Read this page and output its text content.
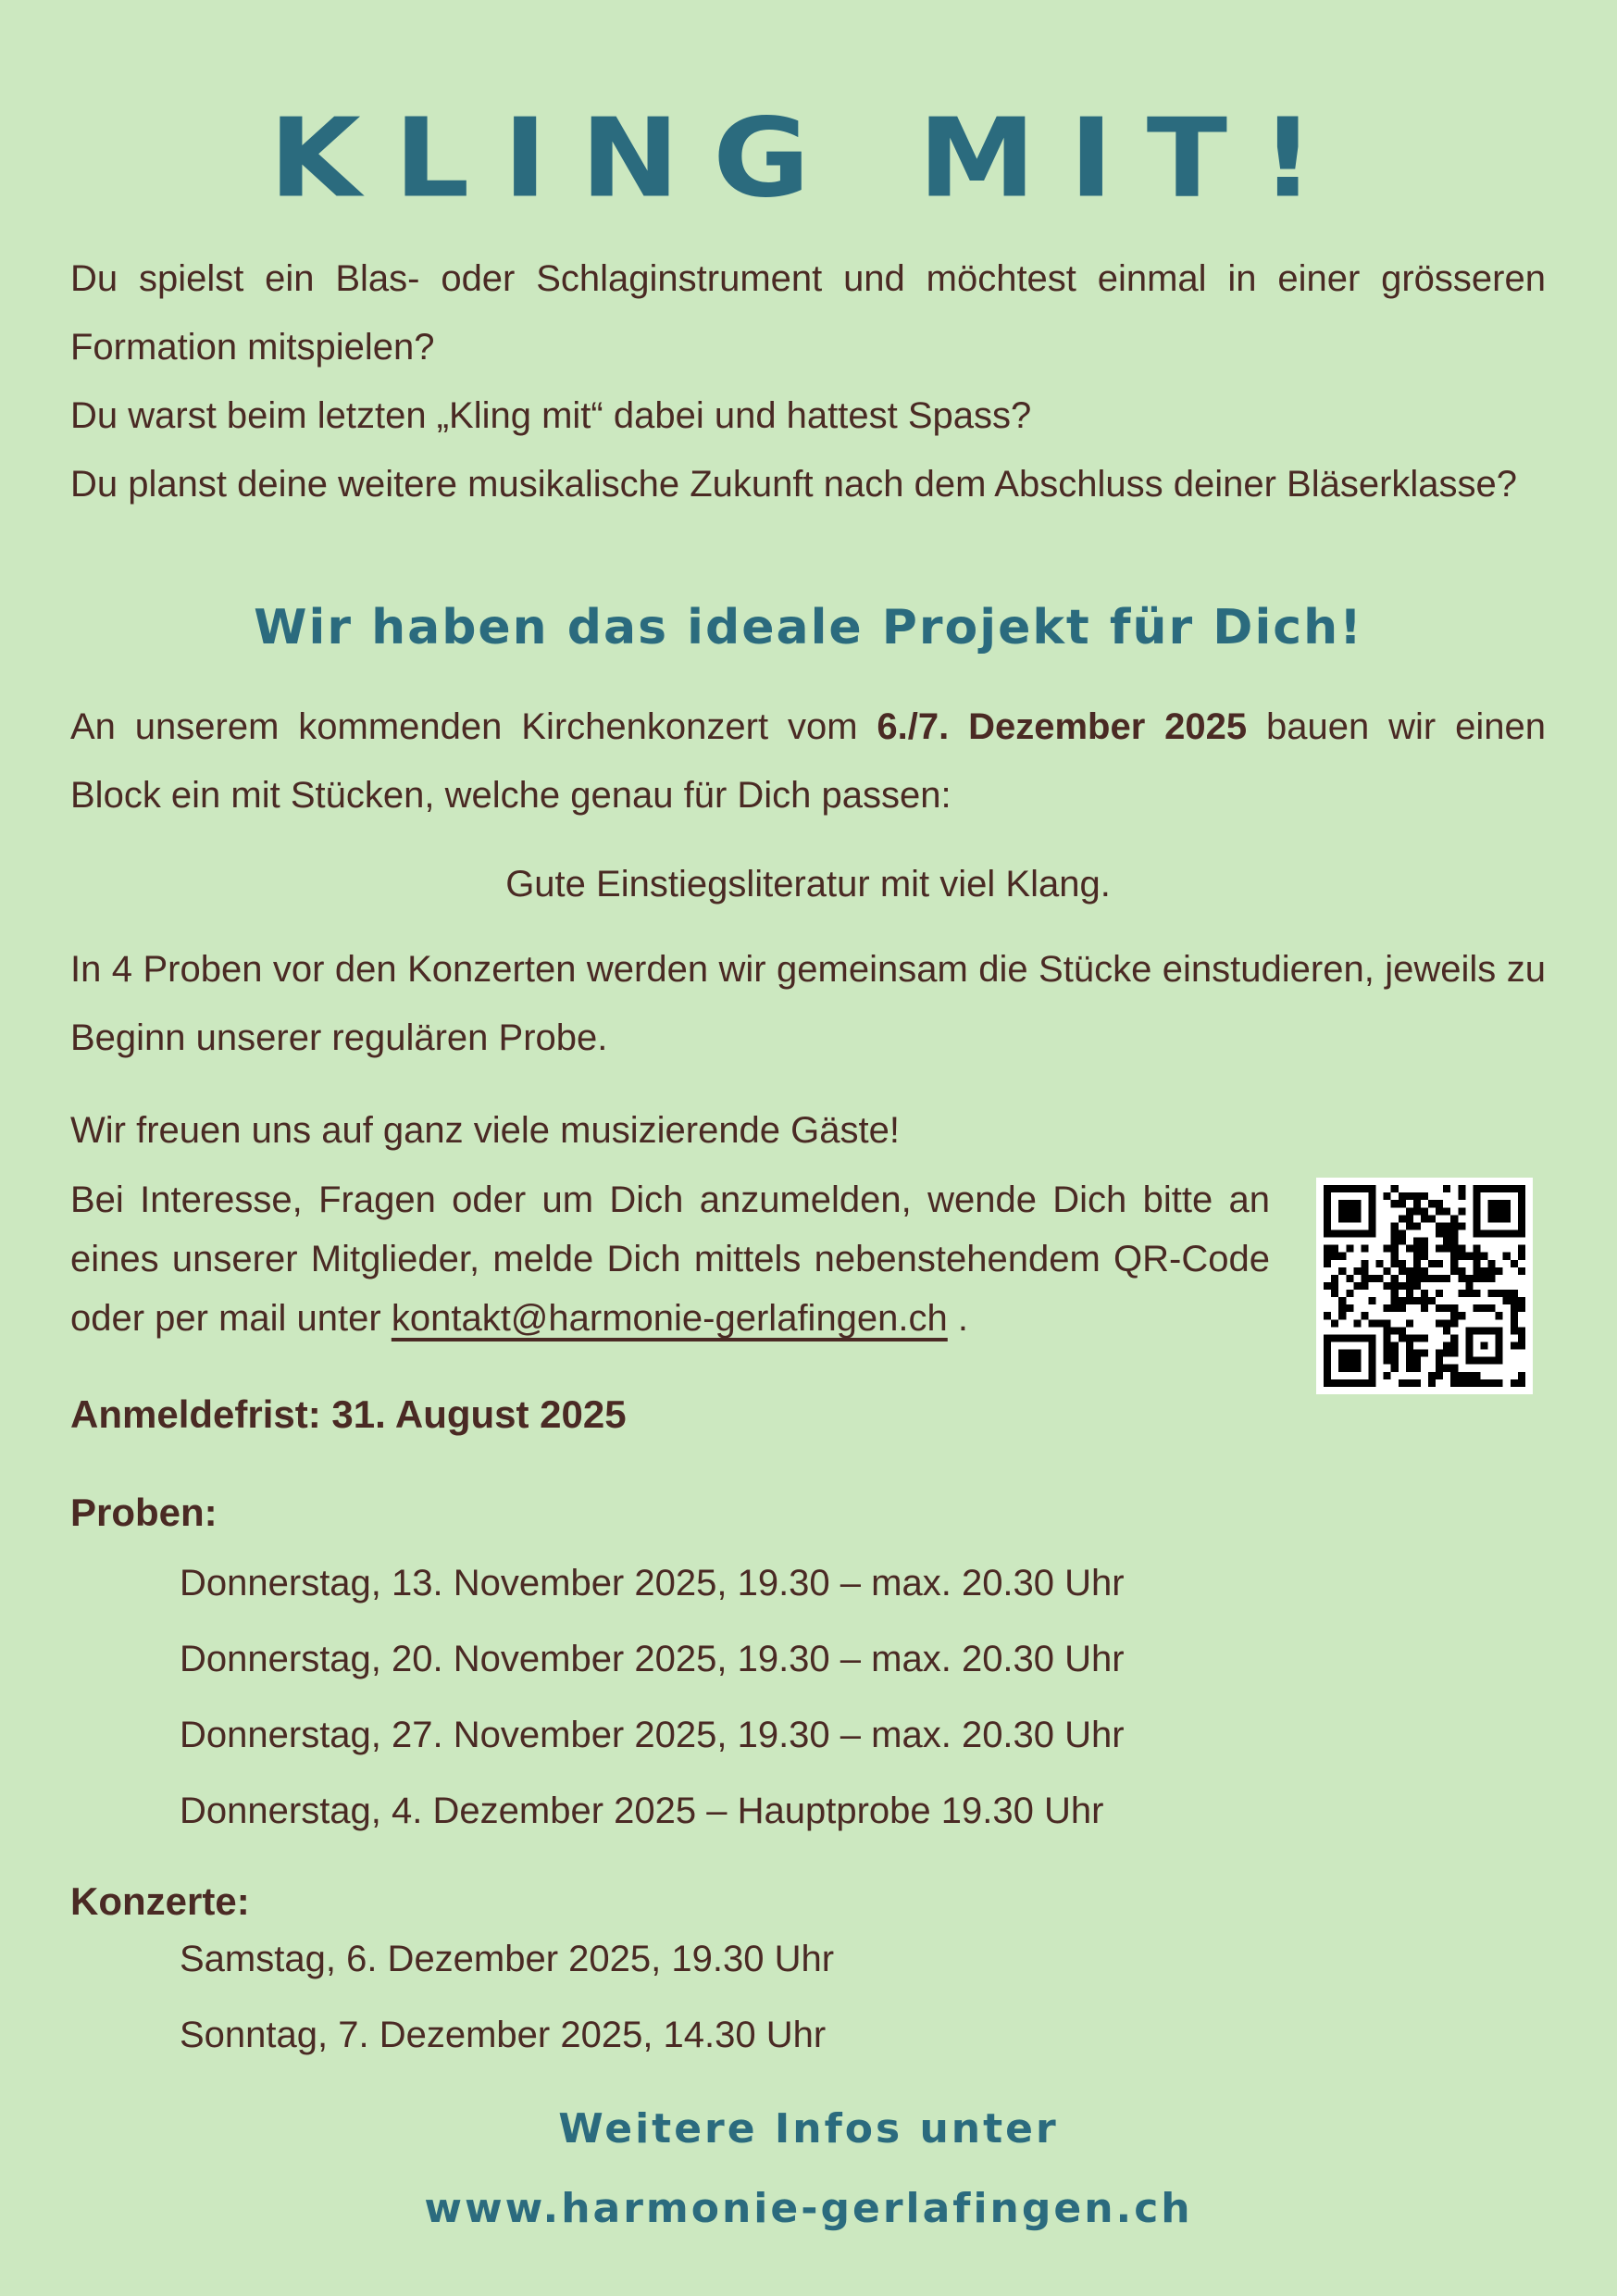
KLING MIT!

Du spielst ein Blas- oder Schlaginstrument und möchtest einmal in einer grösseren Formation mitspielen?

Du warst beim letzten „Kling mit“ dabei und hattest Spass?

Du planst deine weitere musikalische Zukunft nach dem Abschluss deiner Bläserklasse?

Wir haben das ideale Projekt für Dich!

An unserem kommenden Kirchenkonzert vom 6./7. Dezember 2025 bauen wir einen Block ein mit Stücken, welche genau für Dich passen:

Gute Einstiegsliteratur mit viel Klang.

In 4 Proben vor den Konzerten werden wir gemeinsam die Stücke einstudieren, jeweils zu Beginn unserer regulären Probe.

Wir freuen uns auf ganz viele musizierende Gäste!

Bei Interesse, Fragen oder um Dich anzumelden, wende Dich bitte an eines unserer Mitglieder, melde Dich mittels nebenstehendem QR-Code oder per mail unter kontakt@harmonie-gerlafingen.ch .

Anmeldefrist: 31. August 2025

Proben:

Donnerstag, 13. November 2025, 19.30 – max. 20.30 Uhr

Donnerstag, 20. November 2025, 19.30 – max. 20.30 Uhr

Donnerstag, 27. November 2025, 19.30 – max. 20.30 Uhr

Donnerstag, 4. Dezember 2025 – Hauptprobe 19.30 Uhr

Konzerte:

Samstag, 6. Dezember 2025, 19.30 Uhr

Sonntag, 7. Dezember 2025, 14.30 Uhr

Weitere Infos unter

www.harmonie-gerlafingen.ch
